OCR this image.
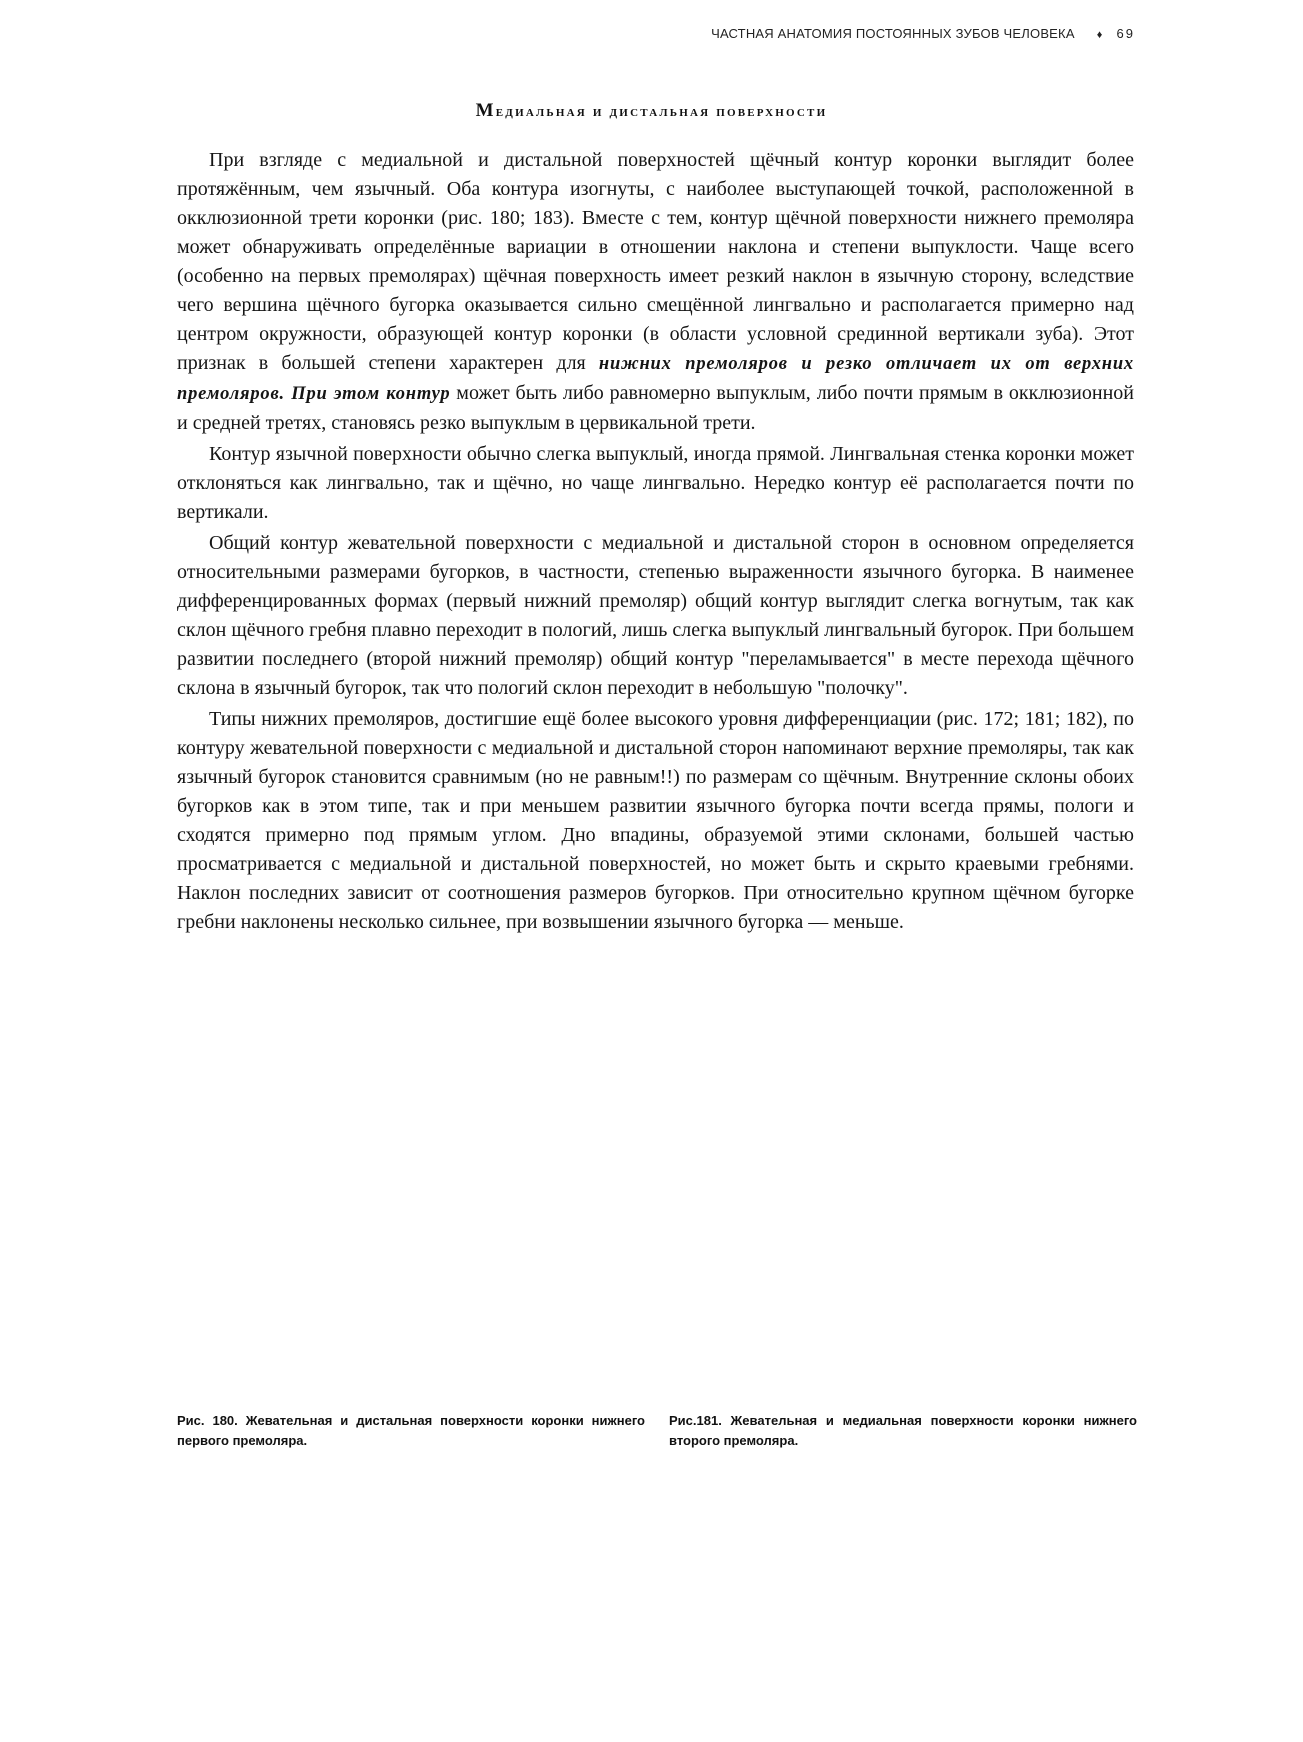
ЧАСТНАЯ АНАТОМИЯ ПОСТОЯННЫХ ЗУБОВ ЧЕЛОВЕКА ♦ 69
Медиальная и дистальная поверхности

При взгляде с медиальной и дистальной поверхностей щёчный контур коронки выглядит более протяжённым, чем язычный. Оба контура изогнуты, с наиболее выступающей точкой, расположенной в окклюзионной трети коронки (рис. 180; 183). Вместе с тем, контур щёчной поверхности нижнего премоляра может обнаруживать определённые вариации в отношении наклона и степени выпуклости. Чаще всего (особенно на первых премолярах) щёчная поверхность имеет резкий наклон в язычную сторону, вследствие чего вершина щёчного бугорка оказывается сильно смещённой лингвально и располагается примерно над центром окружности, образующей контур коронки (в области условной срединной вертикали зуба). Этот признак в большей степени характерен для нижних премоляров и резко отличает их от верхних премоляров. При этом контур может быть либо равномерно выпуклым, либо почти прямым в окклюзионной и средней третях, становясь резко выпуклым в цервикальной трети.

Контур язычной поверхности обычно слегка выпуклый, иногда прямой. Лингвальная стенка коронки может отклоняться как лингвально, так и щёчно, но чаще лингвально. Нередко контур её располагается почти по вертикали.

Общий контур жевательной поверхности с медиальной и дистальной сторон в основном определяется относительными размерами бугорков, в частности, степенью выраженности язычного бугорка. В наименее дифференцированных формах (первый нижний премоляр) общий контур выглядит слегка вогнутым, так как склон щёчного гребня плавно переходит в пологий, лишь слегка выпуклый лингвальный бугорок. При большем развитии последнего (второй нижний премоляр) общий контур "переламывается" в месте перехода щёчного склона в язычный бугорок, так что пологий склон переходит в небольшую "полочку".

Типы нижних премоляров, достигшие ещё более высокого уровня дифференциации (рис. 172; 181; 182), по контуру жевательной поверхности с медиальной и дистальной сторон напоминают верхние премоляры, так как язычный бугорок становится сравнимым (но не равным!!) по размерам со щёчным. Внутренние склоны обоих бугорков как в этом типе, так и при меньшем развитии язычного бугорка почти всегда прямы, пологи и сходятся примерно под прямым углом. Дно впадины, образуемой этими склонами, большей частью просматривается с медиальной и дистальной поверхностей, но может быть и скрыто краевыми гребнями. Наклон последних зависит от соотношения размеров бугорков. При относительно крупном щёчном бугорке гребни наклонены несколько сильнее, при возвышении язычного бугорка — меньше.

Рис. 180. Жевательная и дистальная поверхности коронки нижнего первого премоляра.
Рис.181. Жевательная и медиальная поверхности коронки нижнего второго премоляра.
